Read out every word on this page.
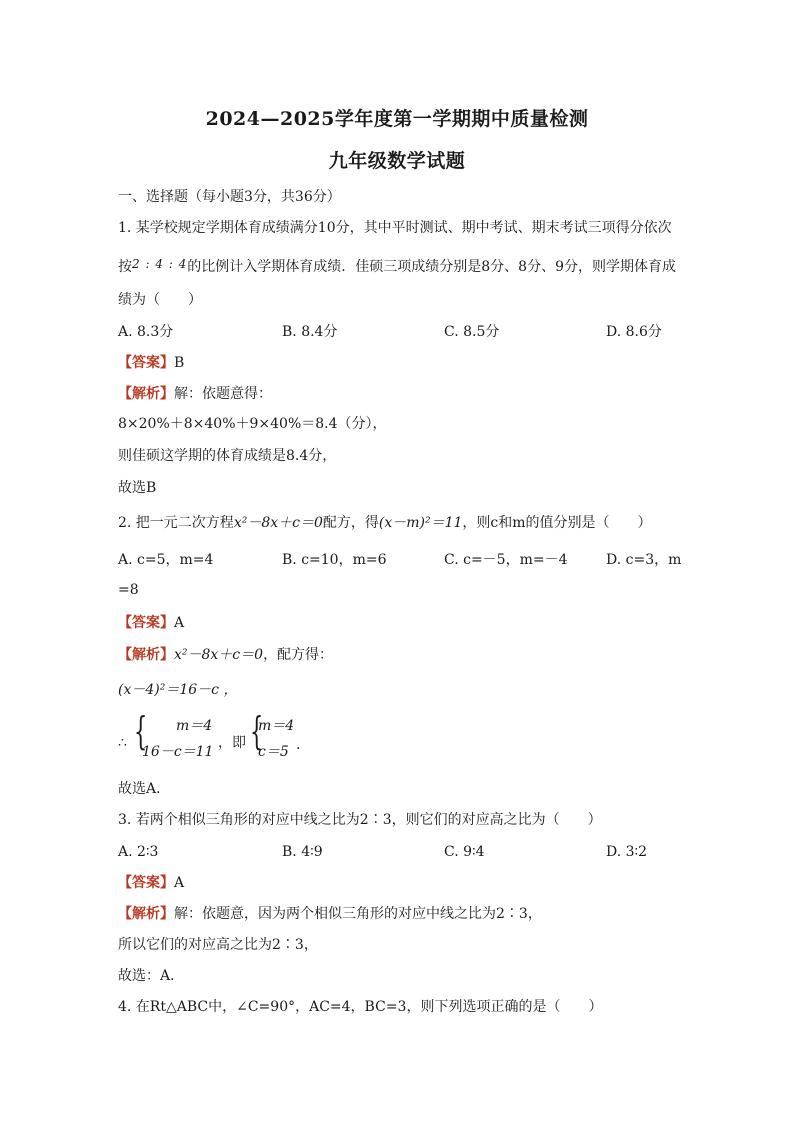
2024—2025学年度第一学期期中质量检测
九年级数学试题
一、选择题（每小题3分，共36分）
1. 某学校规定学期体育成绩满分10分，其中平时测试、期中考试、期末考试三项得分依次
按2 : 4 : 4的比例计入学期体育成绩．佳硕三项成绩分别是8分、8分、9分，则学期体育成
绩为（　　）
A. 8.3分	B. 8.4分	C. 8.5分	D. 8.6分
【答案】B
【解析】解：依题意得：
8×20%＋8×40%＋9×40%＝8.4（分），
则佳硕这学期的体育成绩是8.4分，
故选B
2. 把一元二次方程x²－8x＋c＝0配方，得(x－m)²＝11，则c和m的值分别是（　　）
A. c=5，m=4	B. c=10，m=6	C. c=－5，m=－4	D. c=3，m
=8
【答案】A
【解析】x²－8x＋c＝0，配方得：
(x－4)²＝16－c ，
∴ { m＝4
16－c＝11
，即 {
m＝4
c＝5 .
故选A．
3. 若两个相似三角形的对应中线之比为2∶3，则它们的对应高之比为（　　）
A. 2∶3	B. 4∶9	C. 9∶4	D. 3∶2
【答案】A
【解析】解：依题意，因为两个相似三角形的对应中线之比为2∶3，
所以它们的对应高之比为2∶3，
故选：A．
4. 在Rt△ABC中，∠C=90°，AC=4，BC=3，则下列选项正确的是（　　）
